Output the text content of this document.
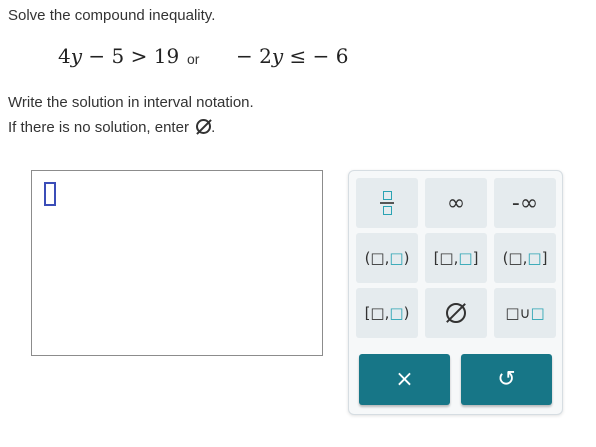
Solve the compound inequality.
4y − 5 > 19 or − 2y ≤ − 6
Write the solution in interval notation.
If there is no solution, enter .
∞ -∞
(□,□) [□,□] (□,□]
[□,□)	□∪□
×	↺
